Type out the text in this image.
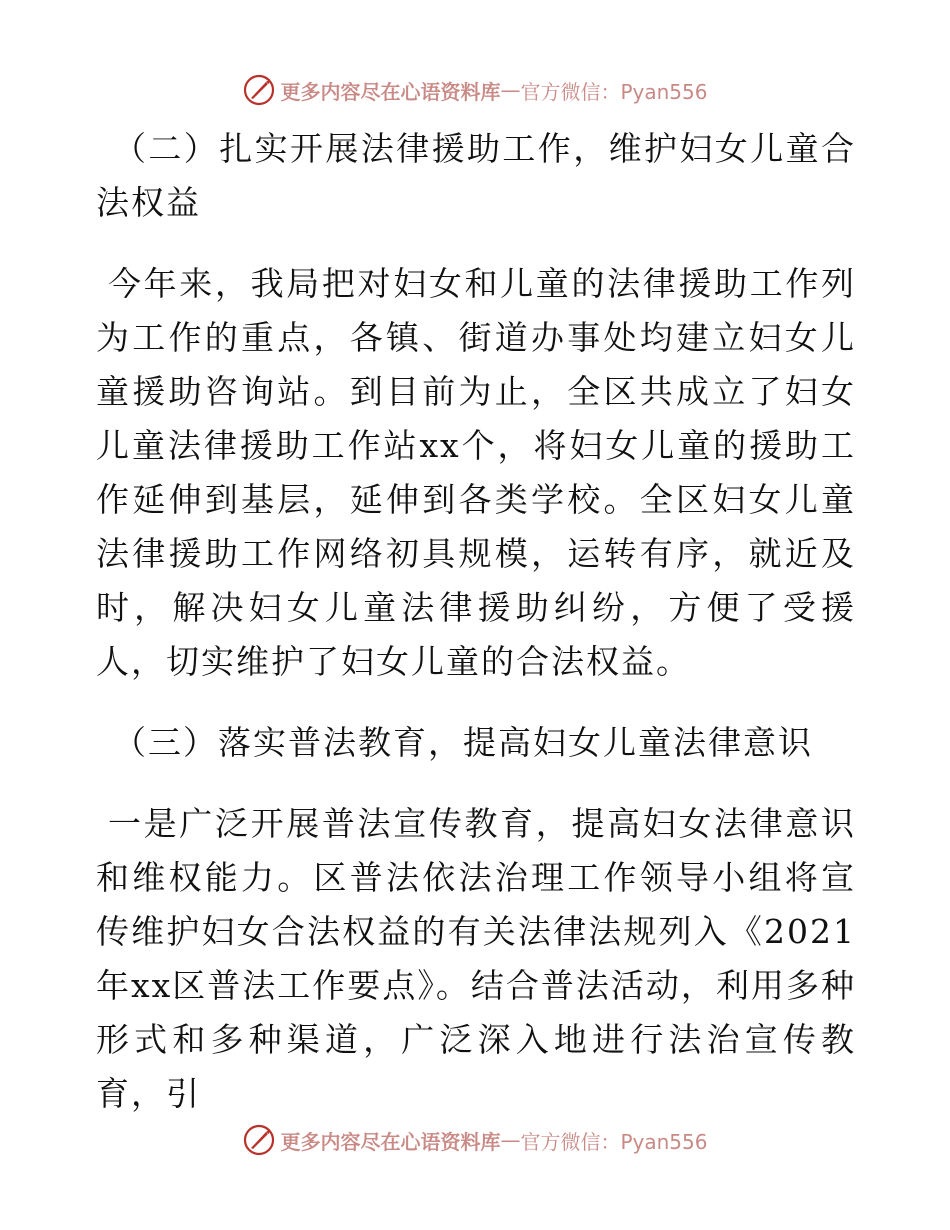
更多内容尽在心语资料库 — 官方微信：Pyan556

（二）扎实开展法律援助工作，维护妇女儿童合法权益

今年来，我局把对妇女和儿童的法律援助工作列为工作的重点，各镇、街道办事处均建立妇女儿童援助咨询站。到目前为止，全区共成立了妇女儿童法律援助工作站xx个，将妇女儿童的援助工作延伸到基层，延伸到各类学校。全区妇女儿童法律援助工作网络初具规模，运转有序，就近及时，解决妇女儿童法律援助纠纷，方便了受援人，切实维护了妇女儿童的合法权益。

（三）落实普法教育，提高妇女儿童法律意识

一是广泛开展普法宣传教育，提高妇女法律意识和维权能力。区普法依法治理工作领导小组将宣传维护妇女合法权益的有关法律法规列入《2021年xx区普法工作要点》。结合普法活动，利用多种形式和多种渠道，广泛深入地进行法治宣传教育，引

更多内容尽在心语资料库 — 官方微信：Pyan556
